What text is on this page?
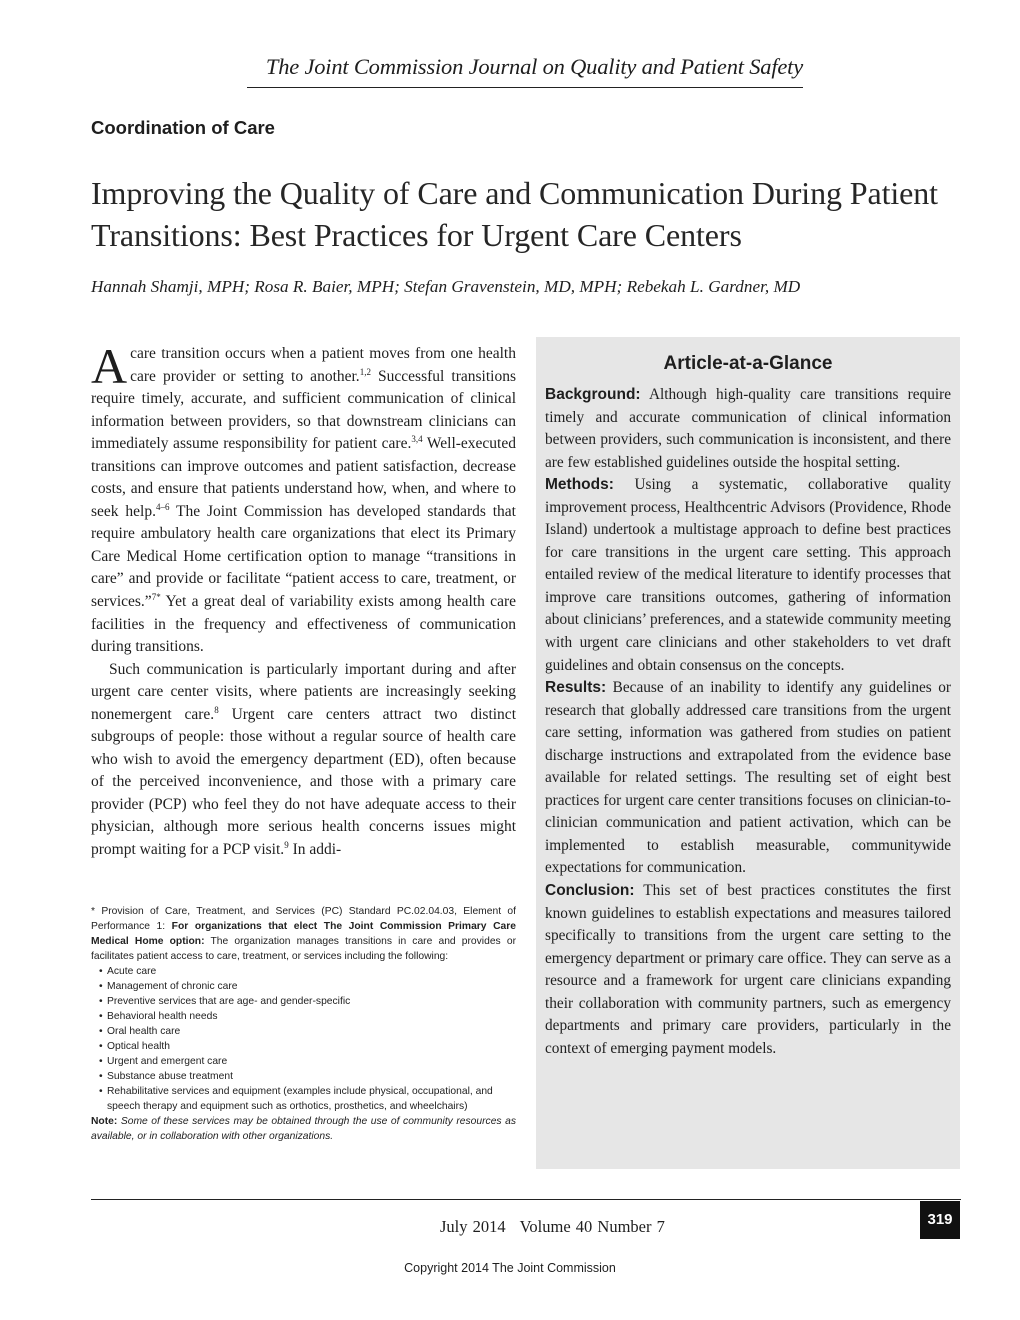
The Joint Commission Journal on Quality and Patient Safety
Coordination of Care
Improving the Quality of Care and Communication During Patient Transitions: Best Practices for Urgent Care Centers
Hannah Shamji, MPH; Rosa R. Baier, MPH; Stefan Gravenstein, MD, MPH; Rebekah L. Gardner, MD

A care transition occurs when a patient moves from one health care provider or setting to another.$^{1,2}$ Successful transitions require timely, accurate, and sufficient communication of clinical information between providers, so that downstream clinicians can immediately assume responsibility for patient care.$^{3,4}$ Well-executed transitions can improve outcomes and patient satisfaction, decrease costs, and ensure that patients understand how, when, and where to seek help.$^{4-6}$ The Joint Commission has developed standards that require ambulatory health care organizations that elect its Primary Care Medical Home certification option to manage “transitions in care” and provide or facilitate “patient access to care, treatment, or services.”$^{7*}$ Yet a great deal of variability exists among health care facilities in the frequency and effectiveness of communication during transitions.

Such communication is particularly important during and after urgent care center visits, where patients are increasingly seeking nonemergent care.$^8$ Urgent care centers attract two distinct subgroups of people: those without a regular source of health care who wish to avoid the emergency department (ED), often because of the perceived inconvenience, and those with a primary care provider (PCP) who feel they do not have adequate access to their physician, although more serious health concerns issues might prompt waiting for a PCP visit.$^9$ In addi-

* Provision of Care, Treatment, and Services (PC) Standard PC.02.04.03, Element of Performance 1: For organizations that elect The Joint Commission Primary Care Medical Home option: The organization manages transitions in care and provides or facilitates patient access to care, treatment, or services including the following:

• Acute care
• Management of chronic care
• Preventive services that are age- and gender-specific
• Behavioral health needs
• Oral health care
• Optical health
• Urgent and emergent care
• Substance abuse treatment
• Rehabilitative services and equipment (examples include physical, occupational, and speech therapy and equipment such as orthotics, prosthetics, and wheelchairs)

Note: Some of these services may be obtained through the use of community resources as available, or in collaboration with other organizations.

Article-at-a-Glance

Background: Although high-quality care transitions require timely and accurate communication of clinical information between providers, such communication is inconsistent, and there are few established guidelines outside the hospital setting.

Methods: Using a systematic, collaborative quality improvement process, Healthcentric Advisors (Providence, Rhode Island) undertook a multistage approach to define best practices for care transitions in the urgent care setting. This approach entailed review of the medical literature to identify processes that improve care transitions outcomes, gathering of information about clinicians’ preferences, and a statewide community meeting with urgent care clinicians and other stakeholders to vet draft guidelines and obtain consensus on the concepts.

Results: Because of an inability to identify any guidelines or research that globally addressed care transitions from the urgent care setting, information was gathered from studies on patient discharge instructions and extrapolated from the evidence base available for related settings. The resulting set of eight best practices for urgent care center transitions focuses on clinician-to-clinician communication and patient activation, which can be implemented to establish measurable, communitywide expectations for communication.

Conclusion: This set of best practices constitutes the first known guidelines to establish expectations and measures tailored specifically to transitions from the urgent care setting to the emergency department or primary care office. They can serve as a resource and a framework for urgent care clinicians expanding their collaboration with community partners, such as emergency departments and primary care providers, particularly in the context of emerging payment models.

July 2014 Volume 40 Number 7	319
Copyright 2014 The Joint Commission
